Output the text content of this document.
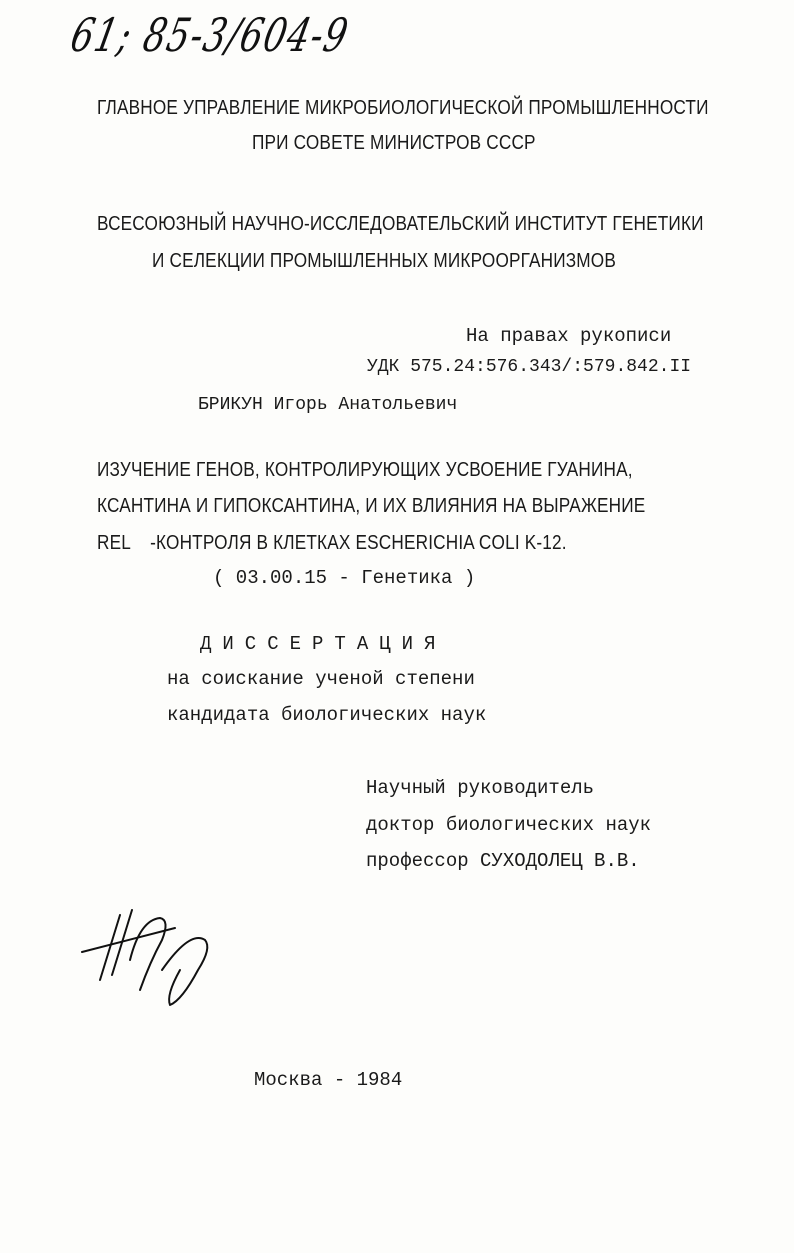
61; 85-3/604-9
ГЛАВНОЕ УПРАВЛЕНИЕ МИКРОБИОЛОГИЧЕСКОЙ ПРОМЫШЛЕННОСТИ
ПРИ СОВЕТЕ МИНИСТРОВ СССР
ВСЕСОЮЗНЫЙ НАУЧНО-ИССЛЕДОВАТЕЛЬСКИЙ ИНСТИТУТ ГЕНЕТИКИ
И СЕЛЕКЦИИ ПРОМЫШЛЕННЫХ МИКРООРГАНИЗМОВ
На правах рукописи
УДК 575.24:576.343/:579.842.II
БРИКУН Игорь Анатольевич
ИЗУЧЕНИЕ ГЕНОВ, КОНТРОЛИРУЮЩИХ УСВОЕНИЕ ГУАНИНА,
КСАНТИНА И ГИПОКСАНТИНА, И ИХ ВЛИЯНИЯ НА ВЫРАЖЕНИЕ
REL    -КОНТРОЛЯ В КЛЕТКАХ ESCHERICHIA COLI K-12.
( 03.00.15 - Генетика )
ДИССЕРТАЦИЯ
на соискание ученой степени
кандидата биологических наук
Научный руководитель
доктор биологических наук
профессор СУХОДОЛЕЦ В.В.
Москва - 1984
